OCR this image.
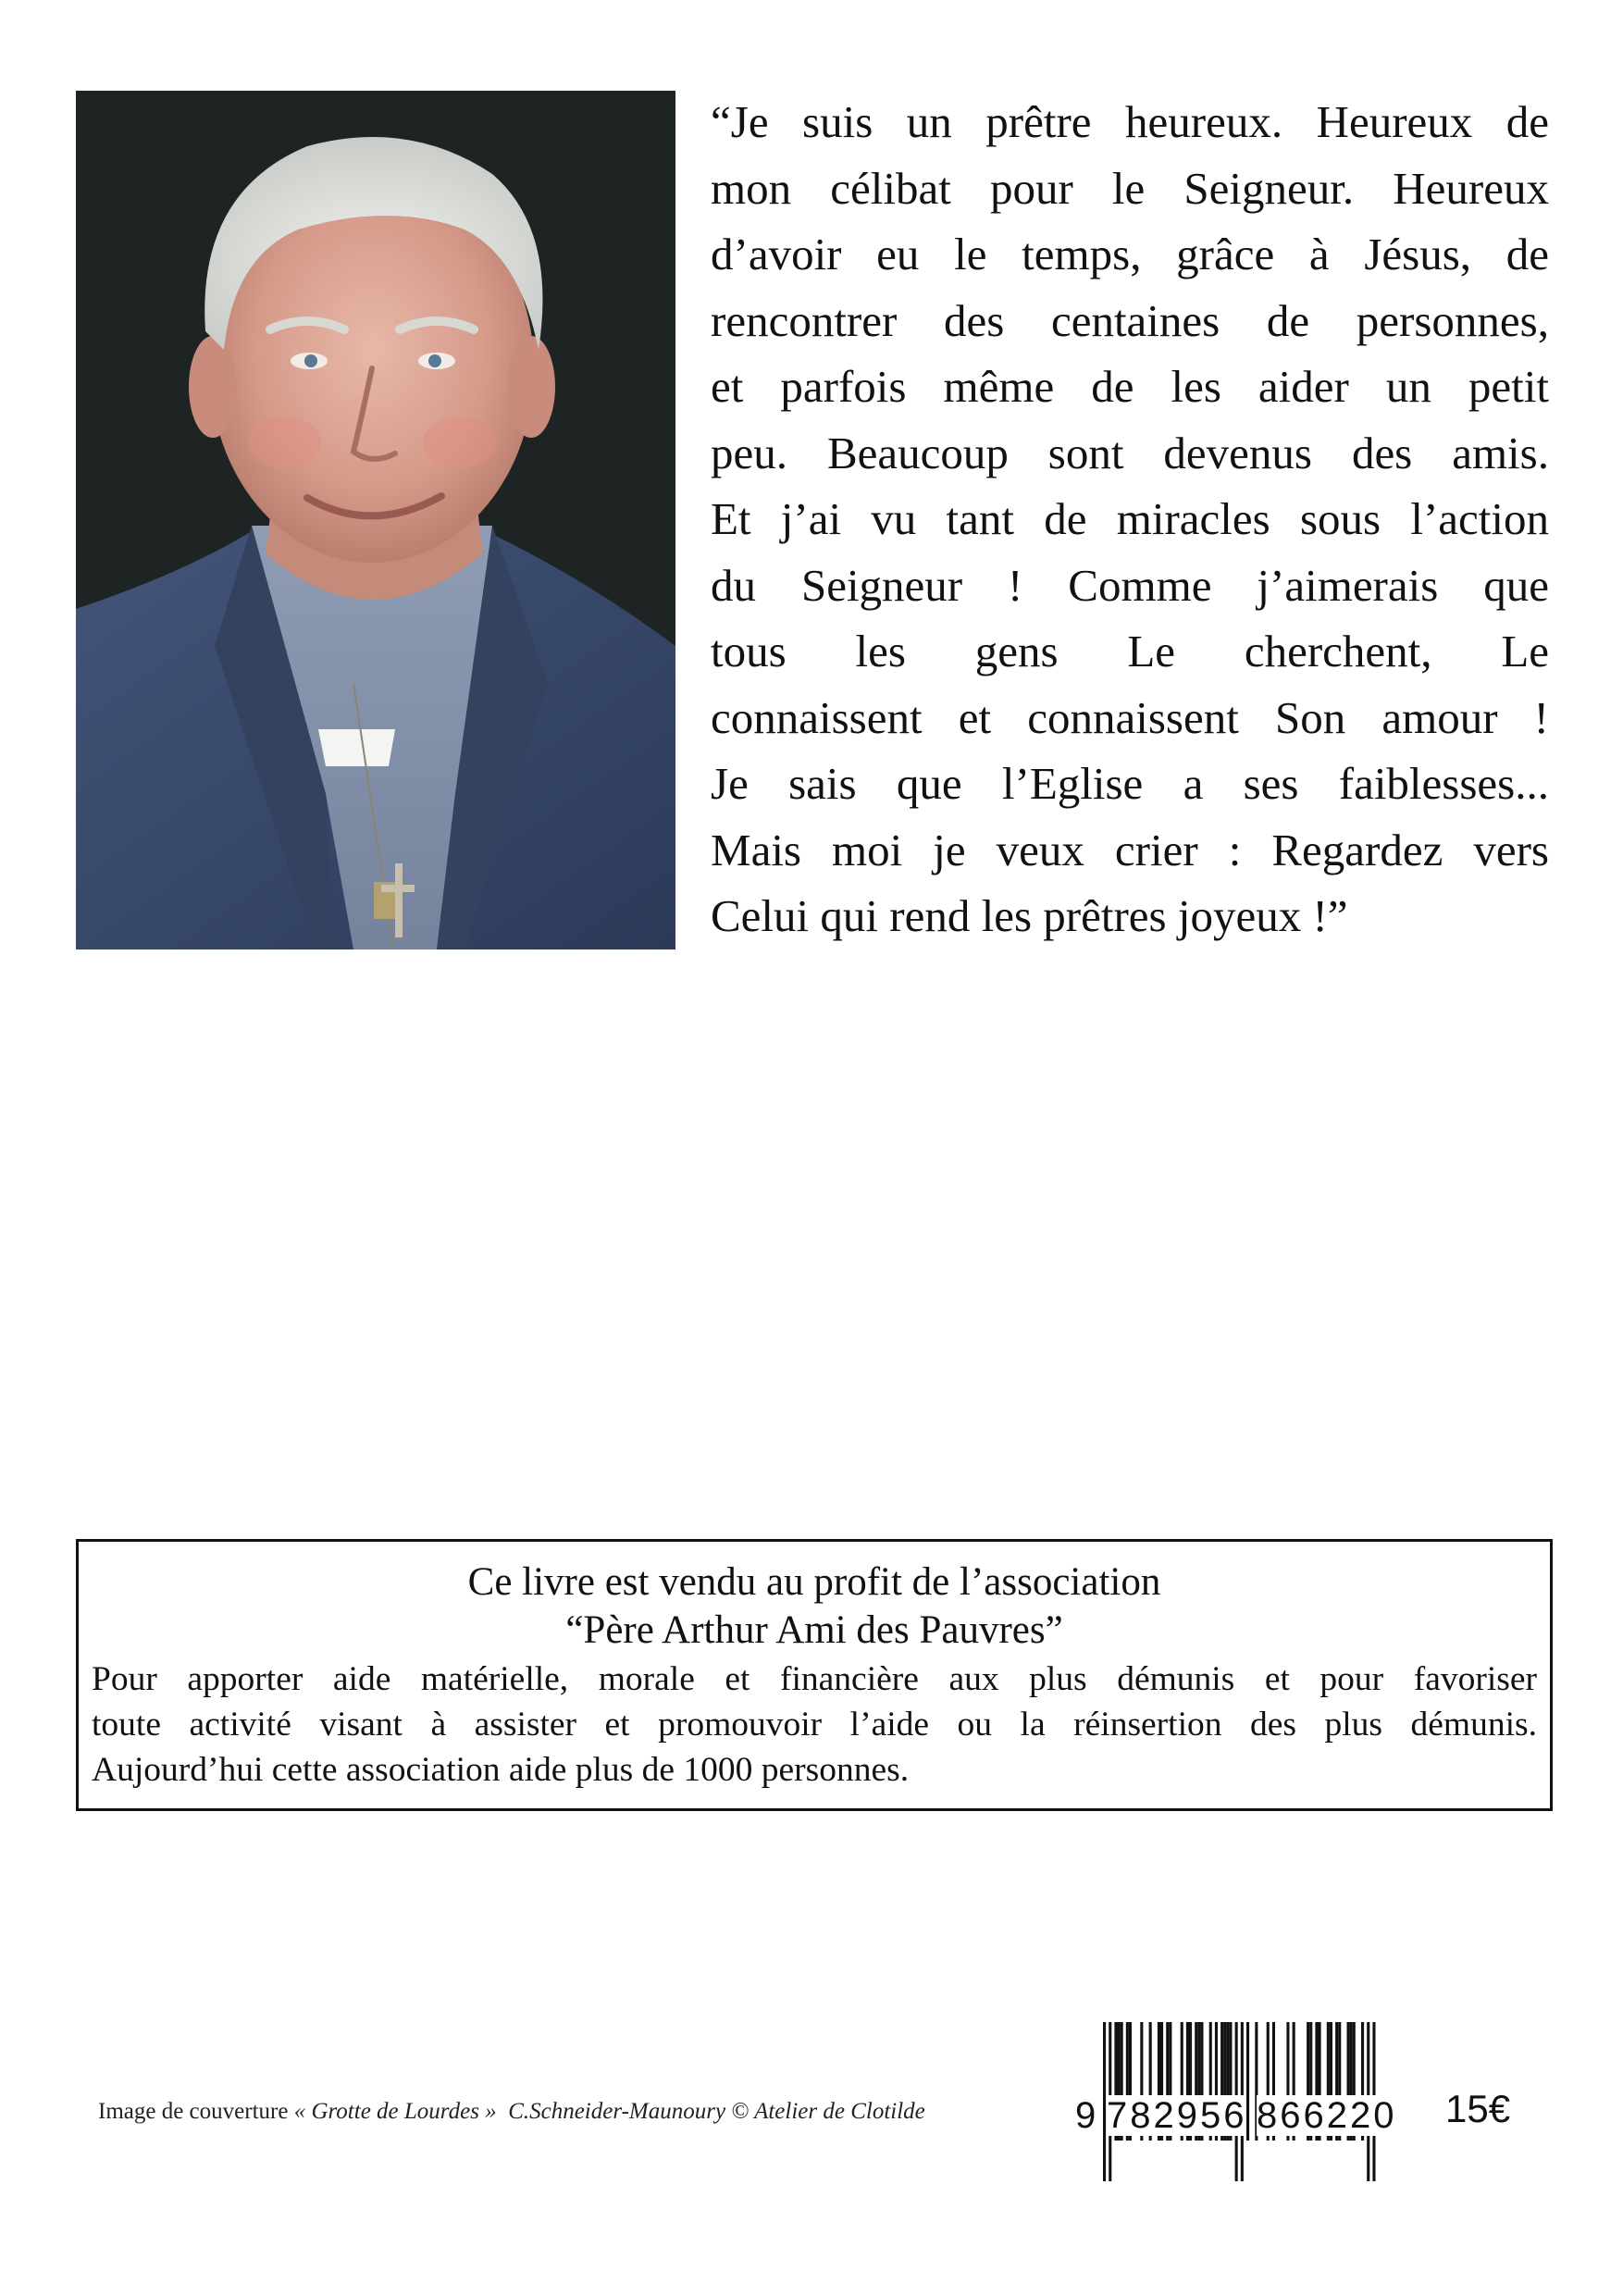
“Je suis un prêtre heureux. Heureux de
mon célibat pour le Seigneur. Heureux
d’avoir eu le temps, grâce à Jésus, de
rencontrer des centaines de personnes,
et parfois même de les aider un petit
peu. Beaucoup sont devenus des amis.
Et j’ai vu tant de miracles sous l’action
du Seigneur ! Comme j’aimerais que
tous les gens Le cherchent, Le
connaissent et connaissent Son amour !
Je sais que l’Eglise a ses faiblesses...
Mais moi je veux crier : Regardez vers
Celui qui rend les prêtres joyeux !”

Ce livre est vendu au profit de l’association

“Père Arthur Ami des Pauvres”

Pour apporter aide matérielle, morale et financière aux plus démunis et pour favoriser
toute activité visant à assister et promouvoir l’aide ou la réinsertion des plus démunis.
Aujourd’hui cette association aide plus de 1000 personnes.
Image de couverture « Grotte de Lourdes » C.Schneider-Maunoury © Atelier de Clotilde	9 782956 866220 15€
